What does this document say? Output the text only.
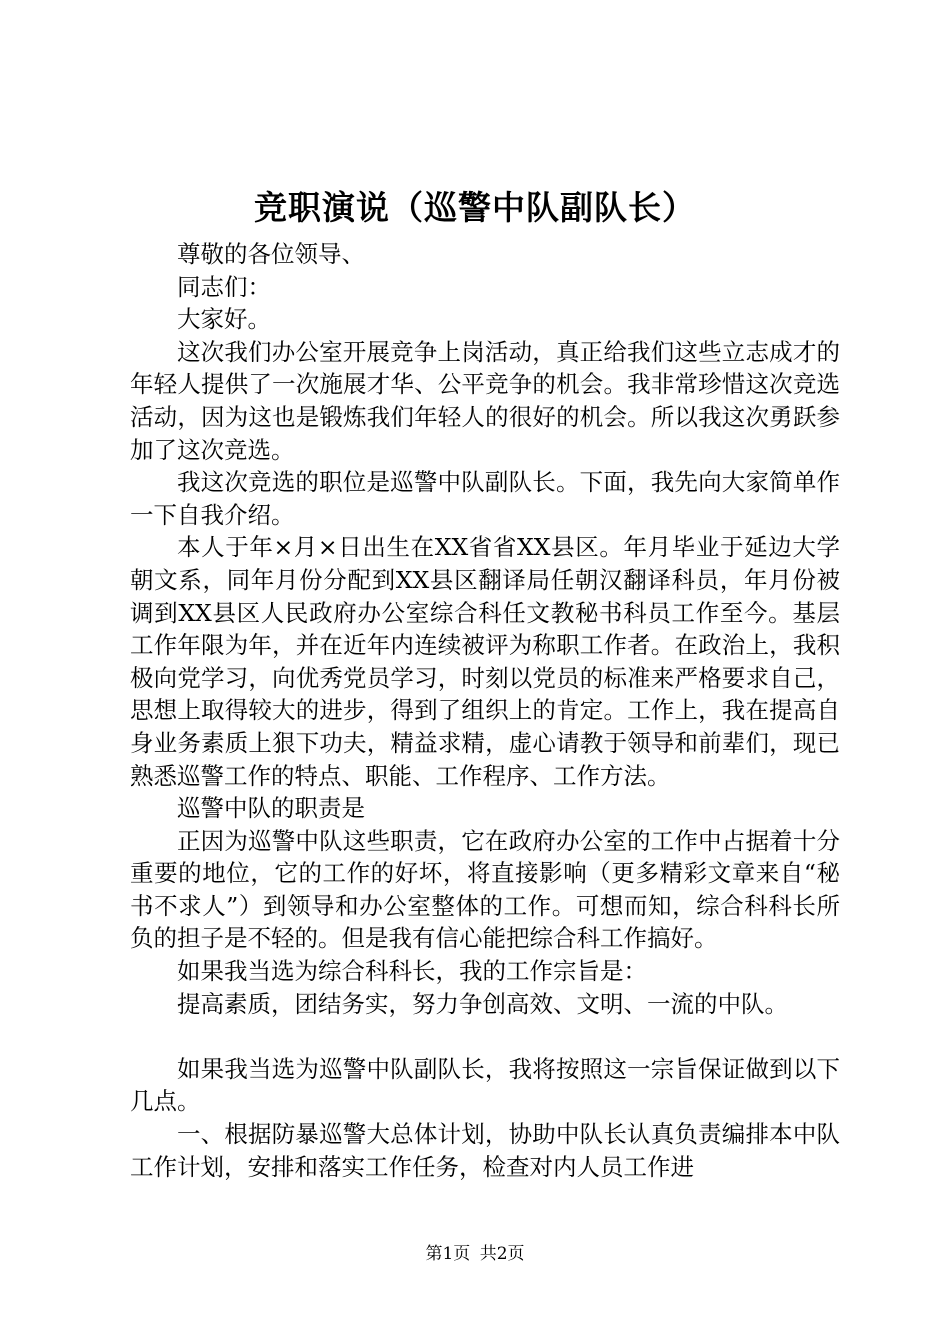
竞职演说（巡警中队副队长）

尊敬的各位领导、

同志们：

大家好。

这次我们办公室开展竞争上岗活动，真正给我们这些立志成才的年轻人提供了一次施展才华、公平竞争的机会。我非常珍惜这次竞选活动，因为这也是锻炼我们年轻人的很好的机会。所以我这次勇跃参加了这次竞选。

我这次竞选的职位是巡警中队副队长。下面，我先向大家简单作一下自我介绍。

本人于年×月×日出生在XX省省XX县区。年月毕业于延边大学朝文系，同年月份分配到XX县区翻译局任朝汉翻译科员，年月份被调到XX县区人民政府办公室综合科任文教秘书科员工作至今。基层工作年限为年，并在近年内连续被评为称职工作者。在政治上，我积极向党学习，向优秀党员学习，时刻以党员的标准来严格要求自己，思想上取得较大的进步，得到了组织上的肯定。工作上，我在提高自身业务素质上狠下功夫，精益求精，虚心请教于领导和前辈们，现已熟悉巡警工作的特点、职能、工作程序、工作方法。

巡警中队的职责是

正因为巡警中队这些职责，它在政府办公室的工作中占据着十分重要的地位，它的工作的好坏，将直接影响（更多精彩文章来自“秘书不求人”）到领导和办公室整体的工作。可想而知，综合科科长所负的担子是不轻的。但是我有信心能把综合科工作搞好。

如果我当选为综合科科长，我的工作宗旨是：

提高素质，团结务实，努力争创高效、文明、一流的中队。

如果我当选为巡警中队副队长，我将按照这一宗旨保证做到以下几点。

一、根据防暴巡警大总体计划，协助中队长认真负责编排本中队工作计划，安排和落实工作任务，检查对内人员工作进

第1页 共2页
